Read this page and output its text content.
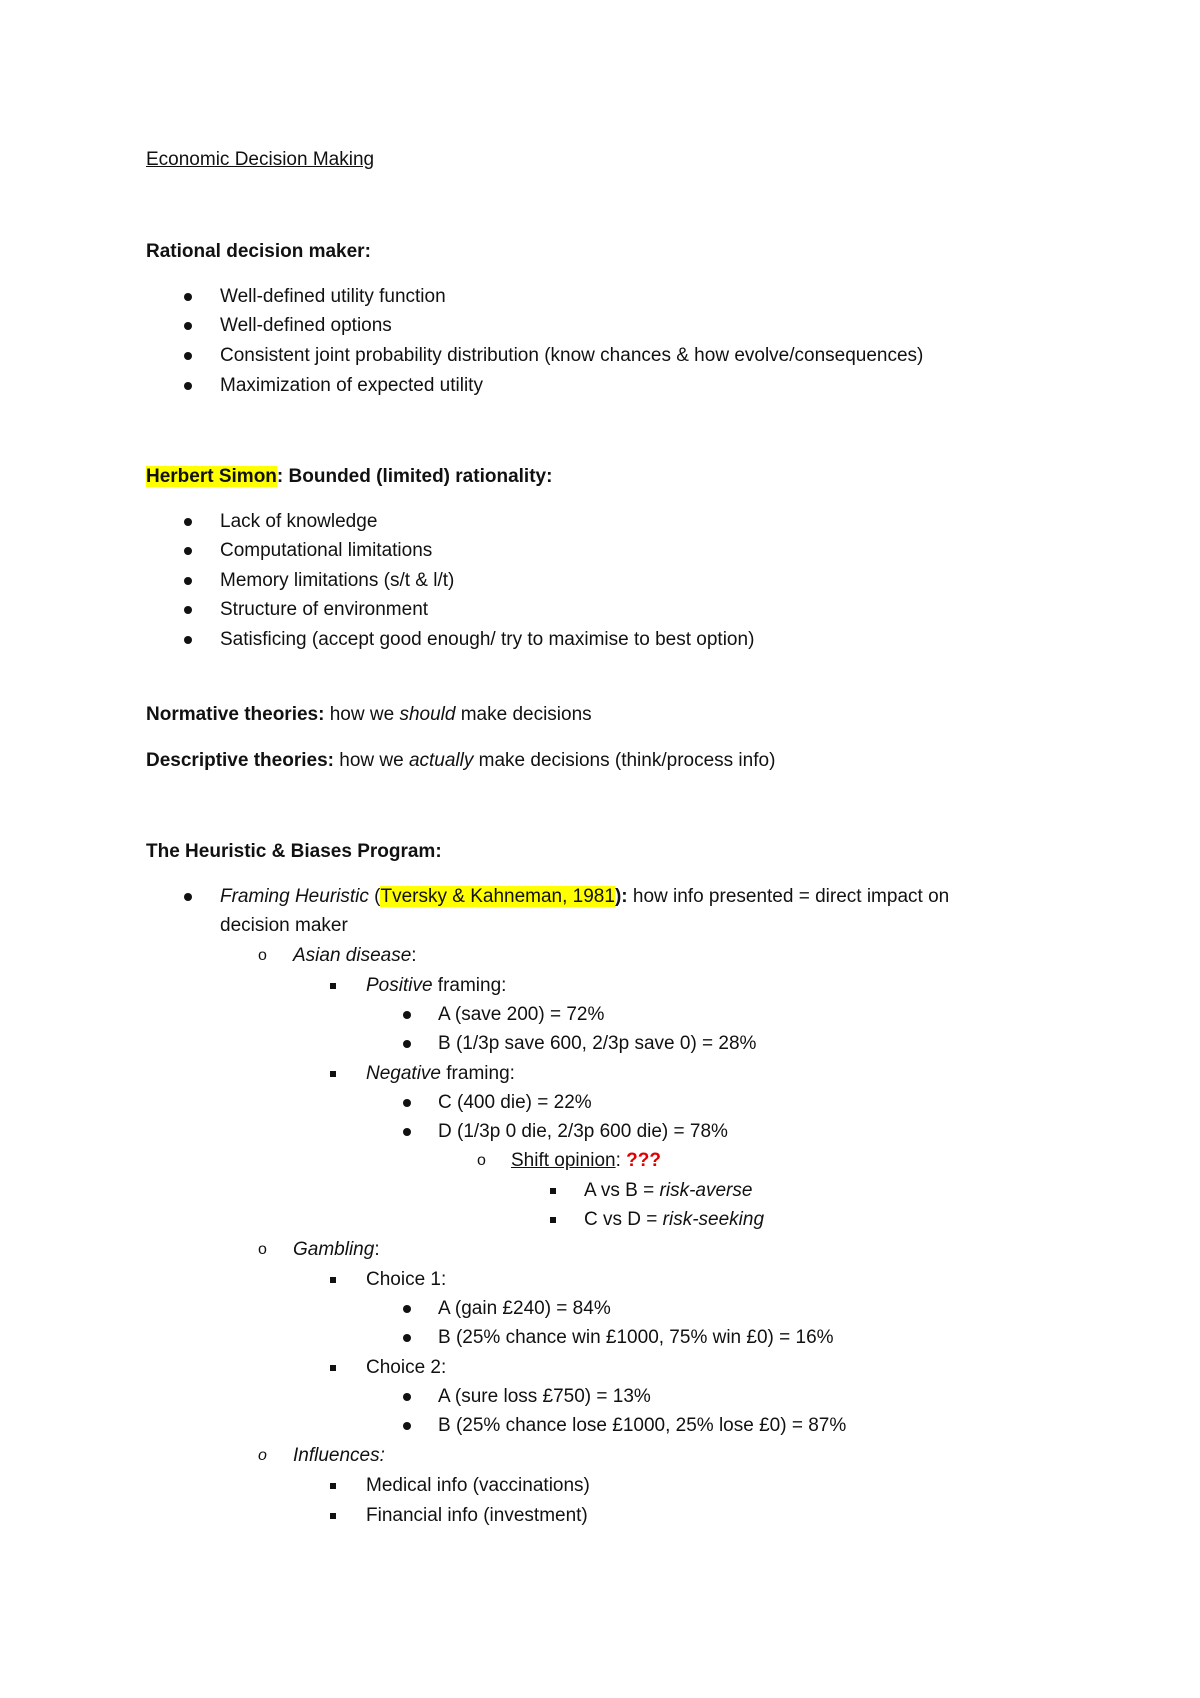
Economic Decision Making
Rational decision maker:
Well-defined utility function
Well-defined options
Consistent joint probability distribution (know chances & how evolve/consequences)
Maximization of expected utility
Herbert Simon: Bounded (limited) rationality:
Lack of knowledge
Computational limitations
Memory limitations (s/t & l/t)
Structure of environment
Satisficing (accept good enough/ try to maximise to best option)
Normative theories: how we should make decisions
Descriptive theories: how we actually make decisions (think/process info)
The Heuristic & Biases Program:
Framing Heuristic (Tversky & Kahneman, 1981): how info presented = direct impact on
decision maker
o Asian disease:
Positive framing:
A (save 200) = 72%
B (1/3p save 600, 2/3p save 0) = 28%
Negative framing:
C (400 die) = 22%
D (1/3p 0 die, 2/3p 600 die) = 78%
o Shift opinion: ???
A vs B = risk-averse
C vs D = risk-seeking
o Gambling:
Choice 1:
A (gain £240) = 84%
B (25% chance win £1000, 75% win £0) = 16%
Choice 2:
A (sure loss £750) = 13%
B (25% chance lose £1000, 25% lose £0) = 87%
o Influences:
Medical info (vaccinations)
Financial info (investment)
